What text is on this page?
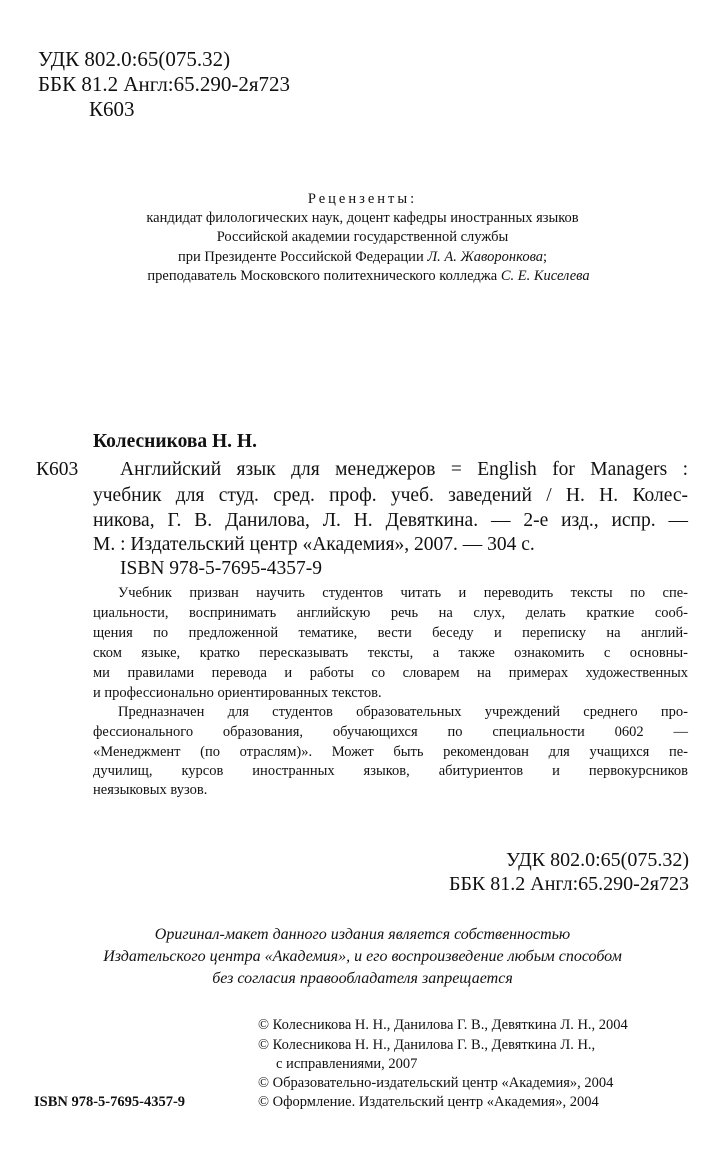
УДК 802.0:65(075.32)
ББК 81.2 Англ:65.290-2я723
К603
Рецензенты:
кандидат филологических наук, доцент кафедры иностранных языков
Российской академии государственной службы
при Президенте Российской Федерации Л. А. Жаворонкова;
преподаватель Московского политехнического колледжа С. Е. Киселева
Колесникова Н. Н.
К603 Английский язык для менеджеров = English for Managers :
учебник для студ. сред. проф. учеб. заведений / Н. Н. Колес-
никова, Г. В. Данилова, Л. Н. Девяткина. — 2-е изд., испр. —
М. : Издательский центр «Академия», 2007. — 304 с.
ISBN 978-5-7695-4357-9
Учебник призван научить студентов читать и переводить тексты по спе-
циальности, воспринимать английскую речь на слух, делать краткие сооб-
щения по предложенной тематике, вести беседу и переписку на англий-
ском языке, кратко пересказывать тексты, а также ознакомить с основны-
ми правилами перевода и работы со словарем на примерах художественных
и профессионально ориентированных текстов.
Предназначен для студентов образовательных учреждений среднего про-
фессионального образования, обучающихся по специальности 0602 —
«Менеджмент (по отраслям)». Может быть рекомендован для учащихся пе-
дучилищ, курсов иностранных языков, абитуриентов и первокурсников
неязыковых вузов.
УДК 802.0:65(075.32)
ББК 81.2 Англ:65.290-2я723
Оригинал-макет данного издания является собственностью
Издательского центра «Академия», и его воспроизведение любым способом
без согласия правообладателя запрещается
© Колесникова Н. Н., Данилова Г. В., Девяткина Л. Н., 2004
© Колесникова Н. Н., Данилова Г. В., Девяткина Л. Н.,
с исправлениями, 2007
© Образовательно-издательский центр «Академия», 2004
© Оформление. Издательский центр «Академия», 2004
ISBN 978-5-7695-4357-9
